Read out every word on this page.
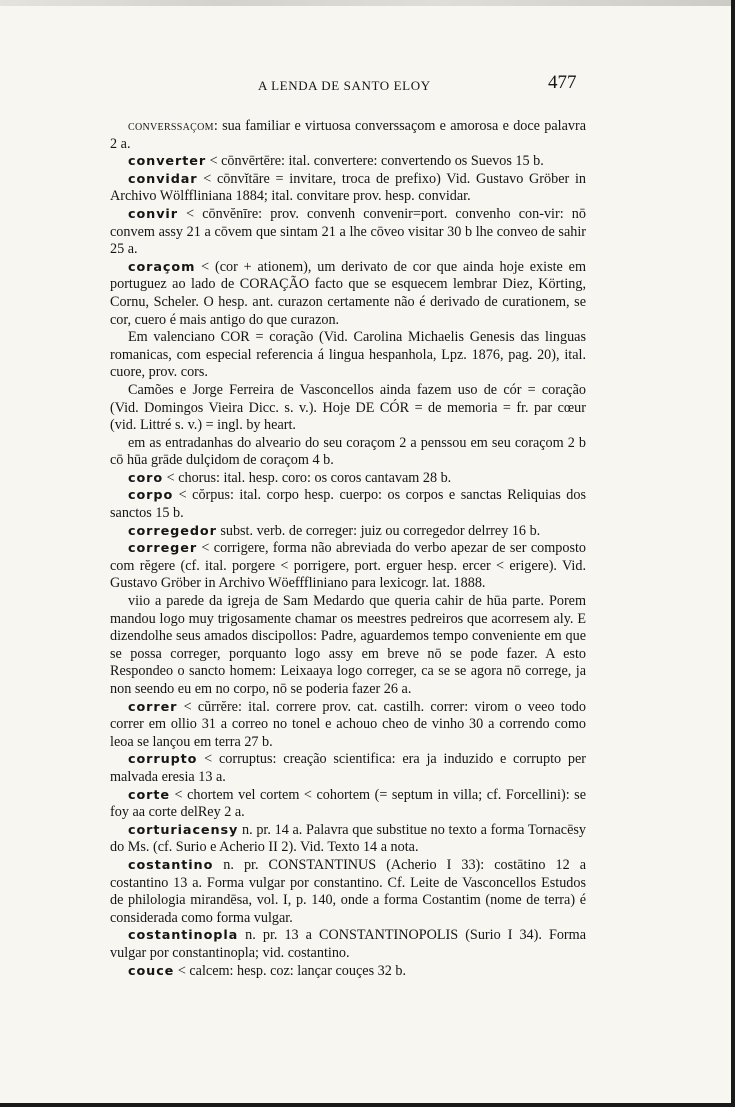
A LENDA DE SANTO ELOY	477

converssaçom: sua familiar e virtuosa converssaçom e amorosa e doce palavra 2 a.

converter < cōnvērtēre: ital. convertere: convertendo os Suevos 15 b.

convidar < cōnvĭtāre = invitare, troca de prefixo) Vid. Gustavo Gröber in Archivo Wölffliniana 1884; ital. convitare prov. hesp. convidar.

convir < cōnvĕnīre: prov. convenh convenir=port. convenho con-vir: nō convem assy 21 a cōvem que sintam 21 a lhe cōveo visitar 30 b lhe conveo de sahir 25 a.

coraçom < (cor + ationem), um derivato de cor que ainda hoje existe em portuguez ao lado de CORAÇÃO facto que se esquecem lembrar Diez, Körting, Cornu, Scheler. O hesp. ant. curazon certamente não é derivado de curationem, se cor, cuero é mais antigo do que curazon.

Em valenciano COR = coração (Vid. Carolina Michaelis Genesis das linguas romanicas, com especial referencia á lingua hespanhola, Lpz. 1876, pag. 20), ital. cuore, prov. cors.

Camões e Jorge Ferreira de Vasconcellos ainda fazem uso de cór = coração (Vid. Domingos Vieira Dicc. s. v.). Hoje DE CÓR = de memoria = fr. par cœur (vid. Littré s. v.) = ingl. by heart.

em as entradanhas do alveario do seu coraçom 2 a penssou em seu coraçom 2 b cō hūa grāde dulçidom de coraçom 4 b.

coro < chorus: ital. hesp. coro: os coros cantavam 28 b.

corpo < cŏrpus: ital. corpo hesp. cuerpo: os corpos e sanctas Reliquias dos sanctos 15 b.

corregedor subst. verb. de correger: juiz ou corregedor delrrey 16 b.

correger < corrigere, forma não abreviada do verbo apezar de ser composto com rĕgere (cf. ital. porgere < porrigere, port. erguer hesp. ercer < erigere). Vid. Gustavo Gröber in Archivo Wöefffliniano para lexicogr. lat. 1888.

viio a parede da igreja de Sam Medardo que queria cahir de hūa parte. Porem mandou logo muy trigosamente chamar os meestres pedreiros que acorresem aly. E dizendolhe seus amados discipollos: Padre, aguardemos tempo conveniente em que se possa correger, porquanto logo assy em breve nō se pode fazer. A esto Respondeo o sancto homem: Leixaaya logo correger, ca se se agora nō correge, ja non seendo eu em no corpo, nō se poderia fazer 26 a.

correr < cŭrrĕre: ital. correre prov. cat. castilh. correr: virom o veeo todo correr em ollio 31 a correo no tonel e achouo cheo de vinho 30 a correndo como leoa se lançou em terra 27 b.

corrupto < corruptus: creação scientifica: era ja induzido e corrupto per malvada eresia 13 a.

corte < chortem vel cortem < cohortem (= septum in villa; cf. Forcellini): se foy aa corte delRey 2 a.

corturiacensy n. pr. 14 a. Palavra que substitue no texto a forma Tornacēsy do Ms. (cf. Surio e Acherio II 2). Vid. Texto 14 a nota.

costantino n. pr. CONSTANTINUS (Acherio I 33): costātino 12 a costantino 13 a. Forma vulgar por constantino. Cf. Leite de Vasconcellos Estudos de philologia mirandēsa, vol. I, p. 140, onde a forma Costantim (nome de terra) é considerada como forma vulgar.

costantinopla n. pr. 13 a CONSTANTINOPOLIS (Surio I 34). Forma vulgar por constantinopla; vid. costantino.

couce < calcem: hesp. coz: lançar couçes 32 b.
